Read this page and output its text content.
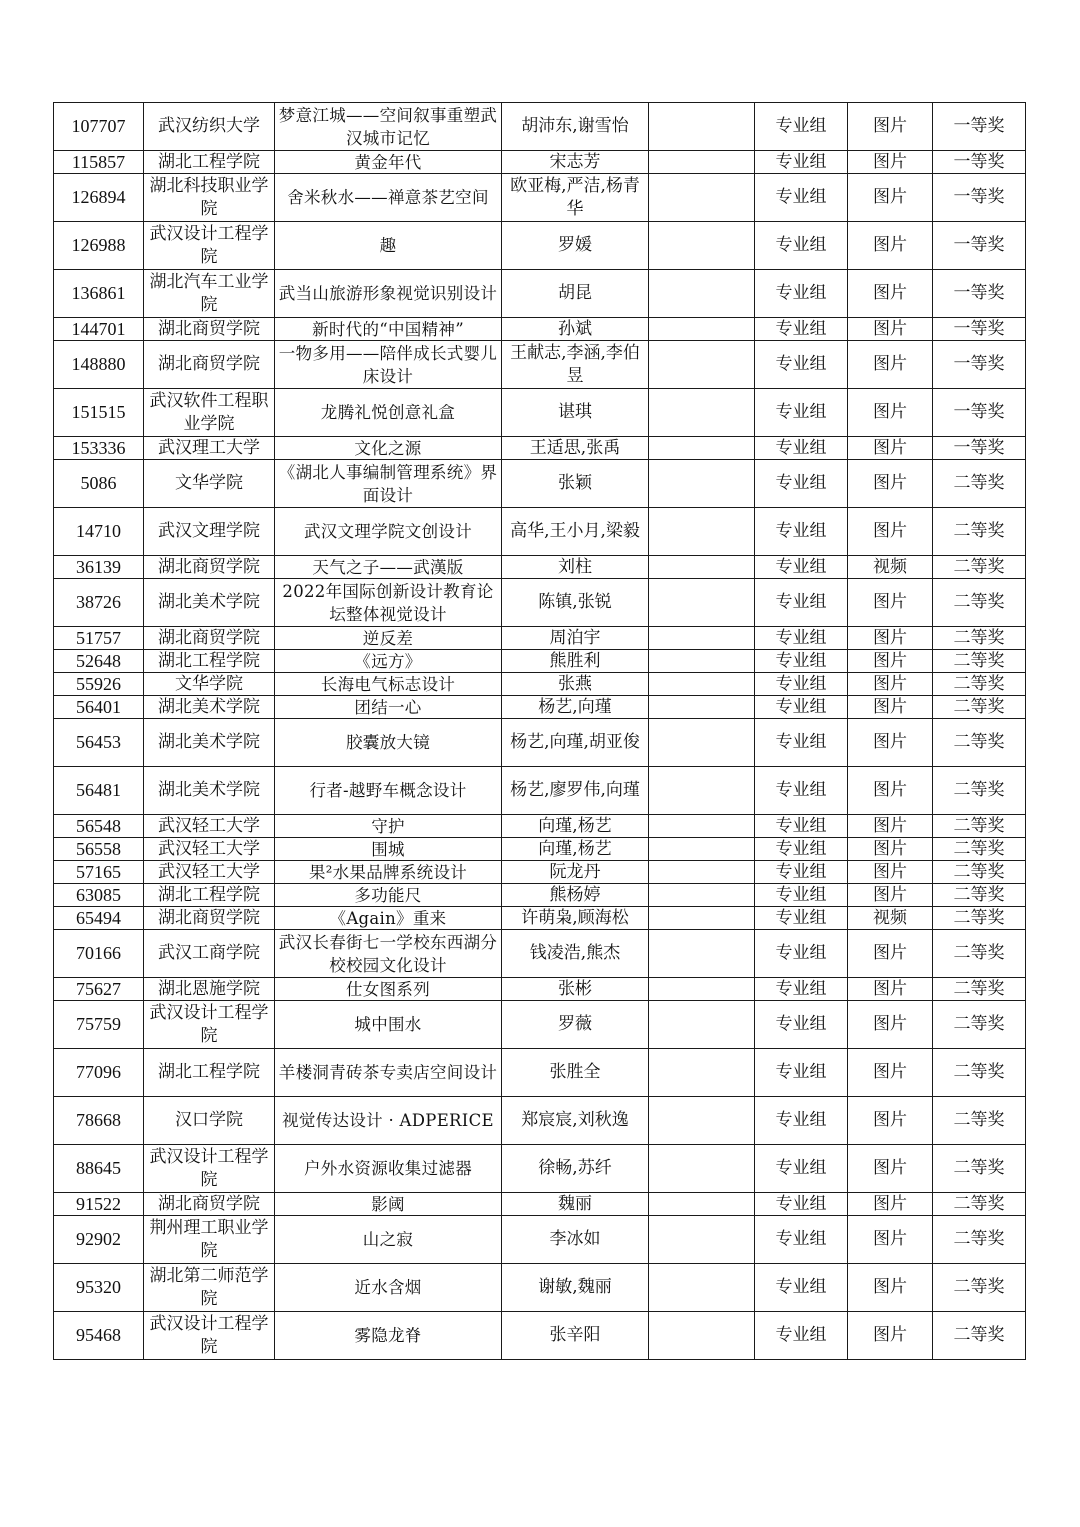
107707	武汉纺织大学	梦意江城——空间叙事重塑武汉城市记忆	胡沛东,谢雪怡		专业组	图片	一等奖
115857	湖北工程学院	黄金年代	宋志芳		专业组	图片	一等奖
126894	湖北科技职业学院	舍米秋水——禅意茶艺空间	欧亚梅,严洁,杨青华		专业组	图片	一等奖
126988	武汉设计工程学院	趣	罗媛		专业组	图片	一等奖
136861	湖北汽车工业学院	武当山旅游形象视觉识别设计	胡昆		专业组	图片	一等奖
144701	湖北商贸学院	新时代的“中国精神”	孙斌		专业组	图片	一等奖
148880	湖北商贸学院	一物多用——陪伴成长式婴儿床设计	王献志,李涵,李伯昱		专业组	图片	一等奖
151515	武汉软件工程职业学院	龙腾礼悦创意礼盒	谌琪		专业组	图片	一等奖
153336	武汉理工大学	文化之源	王适思,张禹		专业组	图片	一等奖
5086	文华学院	《湖北人事编制管理系统》界面设计	张颖		专业组	图片	二等奖
14710	武汉文理学院	武汉文理学院文创设计	高华,王小月,梁毅		专业组	图片	二等奖
36139	湖北商贸学院	天气之子——武漢版	刘柱		专业组	视频	二等奖
38726	湖北美术学院	2022年国际创新设计教育论坛整体视觉设计	陈镇,张锐		专业组	图片	二等奖
51757	湖北商贸学院	逆反差	周泊宇		专业组	图片	二等奖
52648	湖北工程学院	《远方》	熊胜利		专业组	图片	二等奖
55926	文华学院	长海电气标志设计	张燕		专业组	图片	二等奖
56401	湖北美术学院	团结一心	杨艺,向瑾		专业组	图片	二等奖
56453	湖北美术学院	胶囊放大镜	杨艺,向瑾,胡亚俊		专业组	图片	二等奖
56481	湖北美术学院	行者-越野车概念设计	杨艺,廖罗伟,向瑾		专业组	图片	二等奖
56548	武汉轻工大学	守护	向瑾,杨艺		专业组	图片	二等奖
56558	武汉轻工大学	围城	向瑾,杨艺		专业组	图片	二等奖
57165	武汉轻工大学	果²水果品牌系统设计	阮龙丹		专业组	图片	二等奖
63085	湖北工程学院	多功能尺	熊杨婷		专业组	图片	二等奖
65494	湖北商贸学院	《Again》重来	许萌枭,顾海松		专业组	视频	二等奖
70166	武汉工商学院	武汉长春街七一学校东西湖分校校园文化设计	钱凌浩,熊杰		专业组	图片	二等奖
75627	湖北恩施学院	仕女图系列	张彬		专业组	图片	二等奖
75759	武汉设计工程学院	城中围水	罗薇		专业组	图片	二等奖
77096	湖北工程学院	羊楼洞青砖茶专卖店空间设计	张胜全		专业组	图片	二等奖
78668	汉口学院	视觉传达设计 · ADPERICE	郑宸宸,刘秋逸		专业组	图片	二等奖
88645	武汉设计工程学院	户外水资源收集过滤器	徐畅,苏纤		专业组	图片	二等奖
91522	湖北商贸学院	影阈	魏丽		专业组	图片	二等奖
92902	荆州理工职业学院	山之寂	李冰如		专业组	图片	二等奖
95320	湖北第二师范学院	近水含烟	谢敏,魏丽		专业组	图片	二等奖
95468	武汉设计工程学院	雾隐龙脊	张辛阳		专业组	图片	二等奖
